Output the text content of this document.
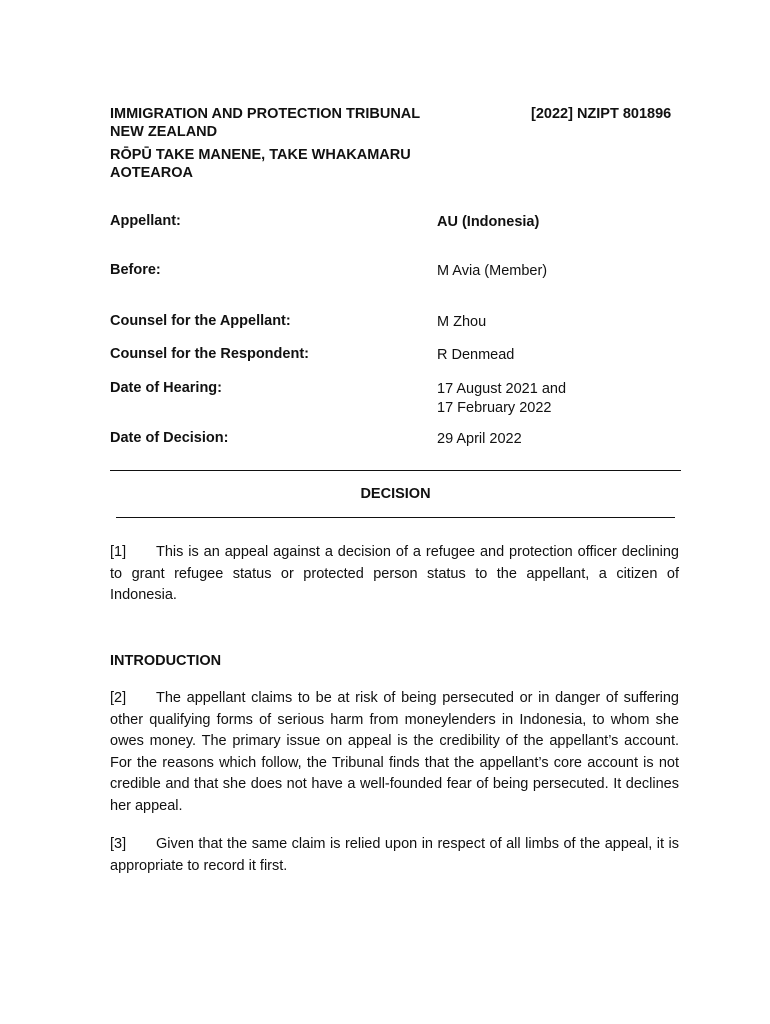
IMMIGRATION AND PROTECTION TRIBUNAL
NEW ZEALAND
[2022] NZIPT 801896
RŌPŪ TAKE MANENE, TAKE WHAKAMARU
AOTEAROA
Appellant:	AU (Indonesia)
Before:	M Avia (Member)
Counsel for the Appellant:	M Zhou
Counsel for the Respondent:	R Denmead
Date of Hearing:	17 August 2021 and
17 February 2022
Date of Decision:	29 April 2022
DECISION
[1] This is an appeal against a decision of a refugee and protection officer declining to grant refugee status or protected person status to the appellant, a citizen of Indonesia.
INTRODUCTION
[2] The appellant claims to be at risk of being persecuted or in danger of suffering other qualifying forms of serious harm from moneylenders in Indonesia, to whom she owes money. The primary issue on appeal is the credibility of the appellant’s account. For the reasons which follow, the Tribunal finds that the appellant’s core account is not credible and that she does not have a well-founded fear of being persecuted. It declines her appeal.
[3] Given that the same claim is relied upon in respect of all limbs of the appeal, it is appropriate to record it first.
